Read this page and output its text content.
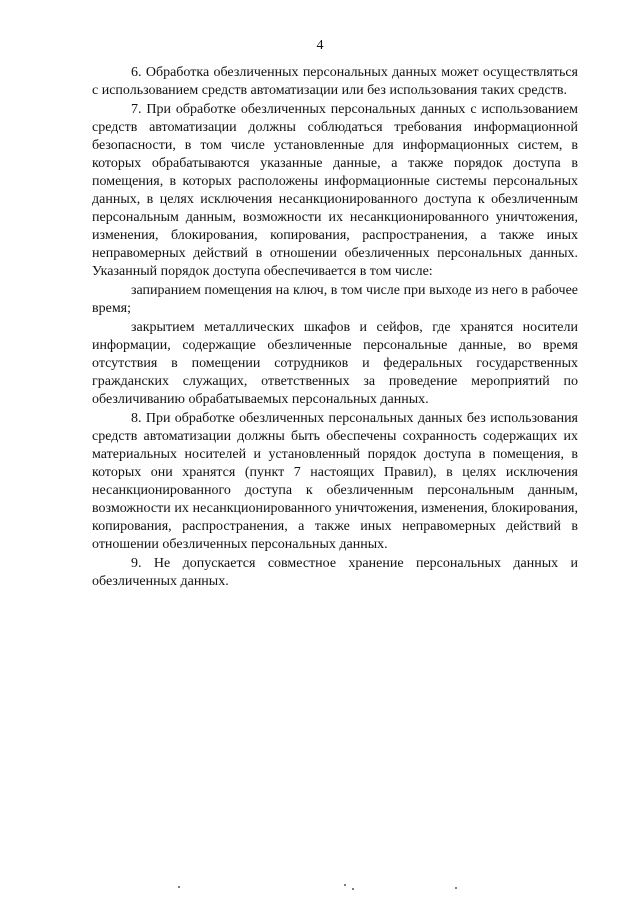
4

6. Обработка обезличенных персональных данных может осуществляться с использованием средств автоматизации или без использования таких средств.

7. При обработке обезличенных персональных данных с использованием средств автоматизации должны соблюдаться требования информационной безопасности, в том числе установленные для информационных систем, в которых обрабатываются указанные данные, а также порядок доступа в помещения, в которых расположены информационные системы персональных данных, в целях исключения несанкционированного доступа к обезличенным персональным данным, возможности их несанкционированного уничтожения, изменения, блокирования, копирования, распространения, а также иных неправомерных действий в отношении обезличенных персональных данных. Указанный порядок доступа обеспечивается в том числе:

запиранием помещения на ключ, в том числе при выходе из него в рабочее время;

закрытием металлических шкафов и сейфов, где хранятся носители информации, содержащие обезличенные персональные данные, во время отсутствия в помещении сотрудников и федеральных государственных гражданских служащих, ответственных за проведение мероприятий по обезличиванию обрабатываемых персональных данных.

8. При обработке обезличенных персональных данных без использования средств автоматизации должны быть обеспечены сохранность содержащих их материальных носителей и установленный порядок доступа в помещения, в которых они хранятся (пункт 7 настоящих Правил), в целях исключения несанкционированного доступа к обезличенным персональным данным, возможности их несанкционированного уничтожения, изменения, блокирования, копирования, распространения, а также иных неправомерных действий в отношении обезличенных персональных данных.

9. Не допускается совместное хранение персональных данных и обезличенных данных.
